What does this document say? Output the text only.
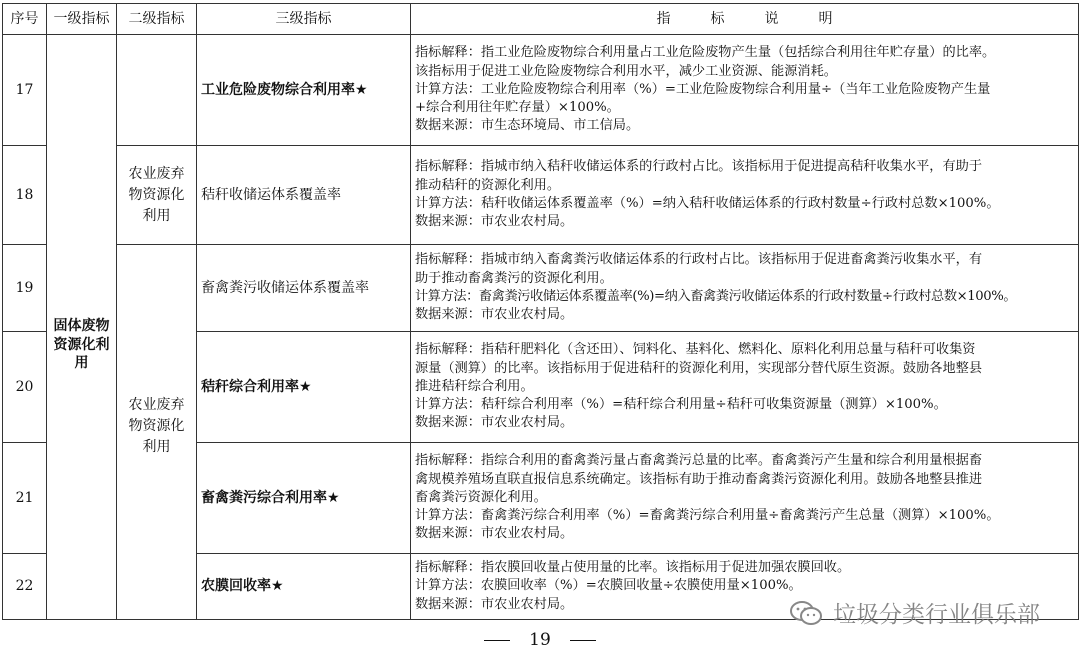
序号	一级指标	二级指标	三级指标	指标说明
17	固体废物资源化利用		工业危险废物综合利用率★	指标解释：指工业危险废物综合利用量占工业危险废物产生量（包括综合利用往年贮存量）的比率。
该指标用于促进工业危险废物综合利用水平，减少工业资源、能源消耗。
计算方法：工业危险废物综合利用率（%）=工业危险废物综合利用量÷（当年工业危险废物产生量
+综合利用往年贮存量）×100%。
数据来源：市生态环境局、市工信局。

18		农业废弃物资源化利用	秸秆收储运体系覆盖率	指标解释：指城市纳入秸秆收储运体系的行政村占比。该指标用于促进提高秸秆收集水平，有助于
推动秸秆的资源化利用。
计算方法：秸秆收储运体系覆盖率（%）=纳入秸秆收储运体系的行政村数量÷行政村总数×100%。
数据来源：市农业农村局。

19		农业废弃物资源化利用	畜禽粪污收储运体系覆盖率	指标解释：指城市纳入畜禽粪污收储运体系的行政村占比。该指标用于促进畜禽粪污收集水平，有
助于推动畜禽粪污的资源化利用。
计算方法：畜禽粪污收储运体系覆盖率(%)=纳入畜禽粪污收储运体系的行政村数量÷行政村总数×100%。
数据来源：市农业农村局。

20			秸秆综合利用率★	指标解释：指秸秆肥料化（含还田）、饲料化、基料化、燃料化、原料化利用总量与秸秆可收集资
源量（测算）的比率。该指标用于促进秸秆的资源化利用，实现部分替代原生资源。鼓励各地整县
推进秸秆综合利用。
计算方法：秸秆综合利用率（%）=秸秆综合利用量÷秸秆可收集资源量（测算）×100%。
数据来源：市农业农村局。

21			畜禽粪污综合利用率★	指标解释：指综合利用的畜禽粪污量占畜禽粪污总量的比率。畜禽粪污产生量和综合利用量根据畜
禽规模养殖场直联直报信息系统确定。该指标有助于推动畜禽粪污资源化利用。鼓励各地整县推进
畜禽粪污资源化利用。
计算方法：畜禽粪污综合利用率（%）=畜禽粪污综合利用量÷畜禽粪污产生总量（测算）×100%。
数据来源：市农业农村局。

22			农膜回收率★	指标解释：指农膜回收量占使用量的比率。该指标用于促进加强农膜回收。
计算方法：农膜回收率（%）=农膜回收量÷农膜使用量×100%。
数据来源：市农业农村局。	垃圾分类行业俱乐部
19
